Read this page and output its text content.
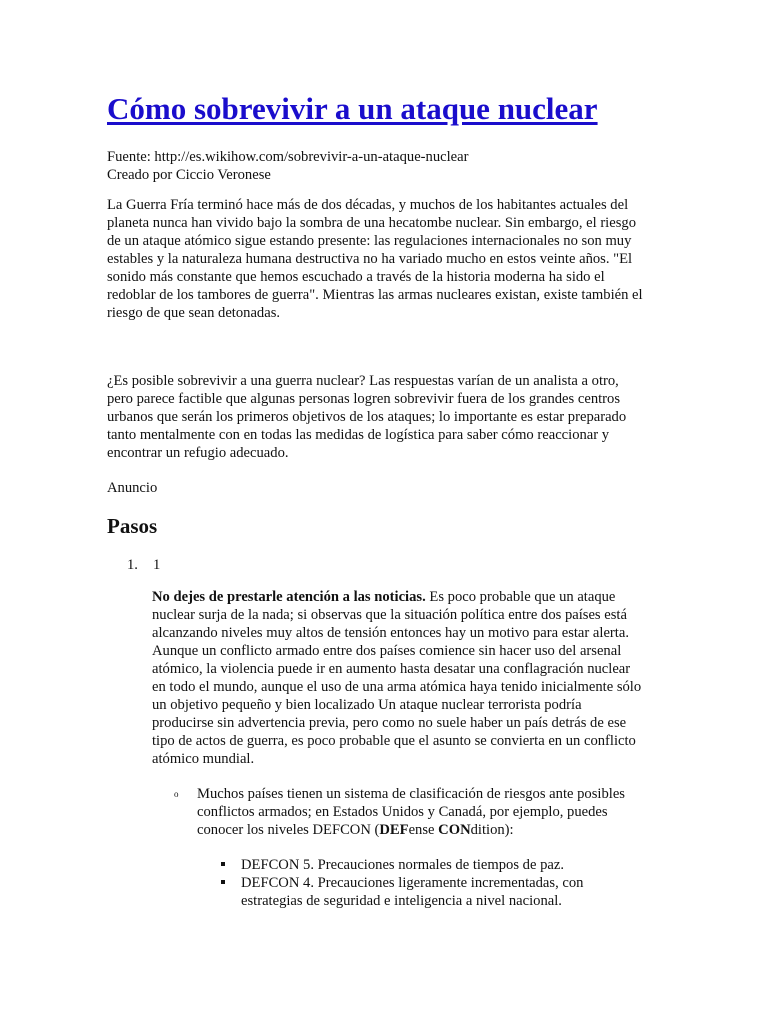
Cómo sobrevivir a un ataque nuclear

Fuente: http://es.wikihow.com/sobrevivir-a-un-ataque-nuclear

Creado por Ciccio Veronese

La Guerra Fría terminó hace más de dos décadas, y muchos de los habitantes actuales del
planeta nunca han vivido bajo la sombra de una hecatombe nuclear. Sin embargo, el riesgo
de un ataque atómico sigue estando presente: las regulaciones internacionales no son muy
estables y la naturaleza humana destructiva no ha variado mucho en estos veinte años. "El
sonido más constante que hemos escuchado a través de la historia moderna ha sido el
redoblar de los tambores de guerra". Mientras las armas nucleares existan, existe también el
riesgo de que sean detonadas.
¿Es posible sobrevivir a una guerra nuclear? Las respuestas varían de un analista a otro,
pero parece factible que algunas personas logren sobrevivir fuera de los grandes centros
urbanos que serán los primeros objetivos de los ataques; lo importante es estar preparado
tanto mentalmente con en todas las medidas de logística para saber cómo reaccionar y
encontrar un refugio adecuado.

Anuncio

Pasos
1. 1
No dejes de prestarle atención a las noticias. Es poco probable que un ataque
nuclear surja de la nada; si observas que la situación política entre dos países está
alcanzando niveles muy altos de tensión entonces hay un motivo para estar alerta.
Aunque un conflicto armado entre dos países comience sin hacer uso del arsenal
atómico, la violencia puede ir en aumento hasta desatar una conflagración nuclear
en todo el mundo, aunque el uso de una arma atómica haya tenido inicialmente sólo
un objetivo pequeño y bien localizado Un ataque nuclear terrorista podría
producirse sin advertencia previa, pero como no suele haber un país detrás de ese
tipo de actos de guerra, es poco probable que el asunto se convierta en un conflicto
atómico mundial.
o Muchos países tienen un sistema de clasificación de riesgos ante posibles
conflictos armados; en Estados Unidos y Canadá, por ejemplo, puedes
conocer los niveles DEFCON (DEFense CONdition):
DEFCON 5. Precauciones normales de tiempos de paz.
DEFCON 4. Precauciones ligeramente incrementadas, con
estrategias de seguridad e inteligencia a nivel nacional.
